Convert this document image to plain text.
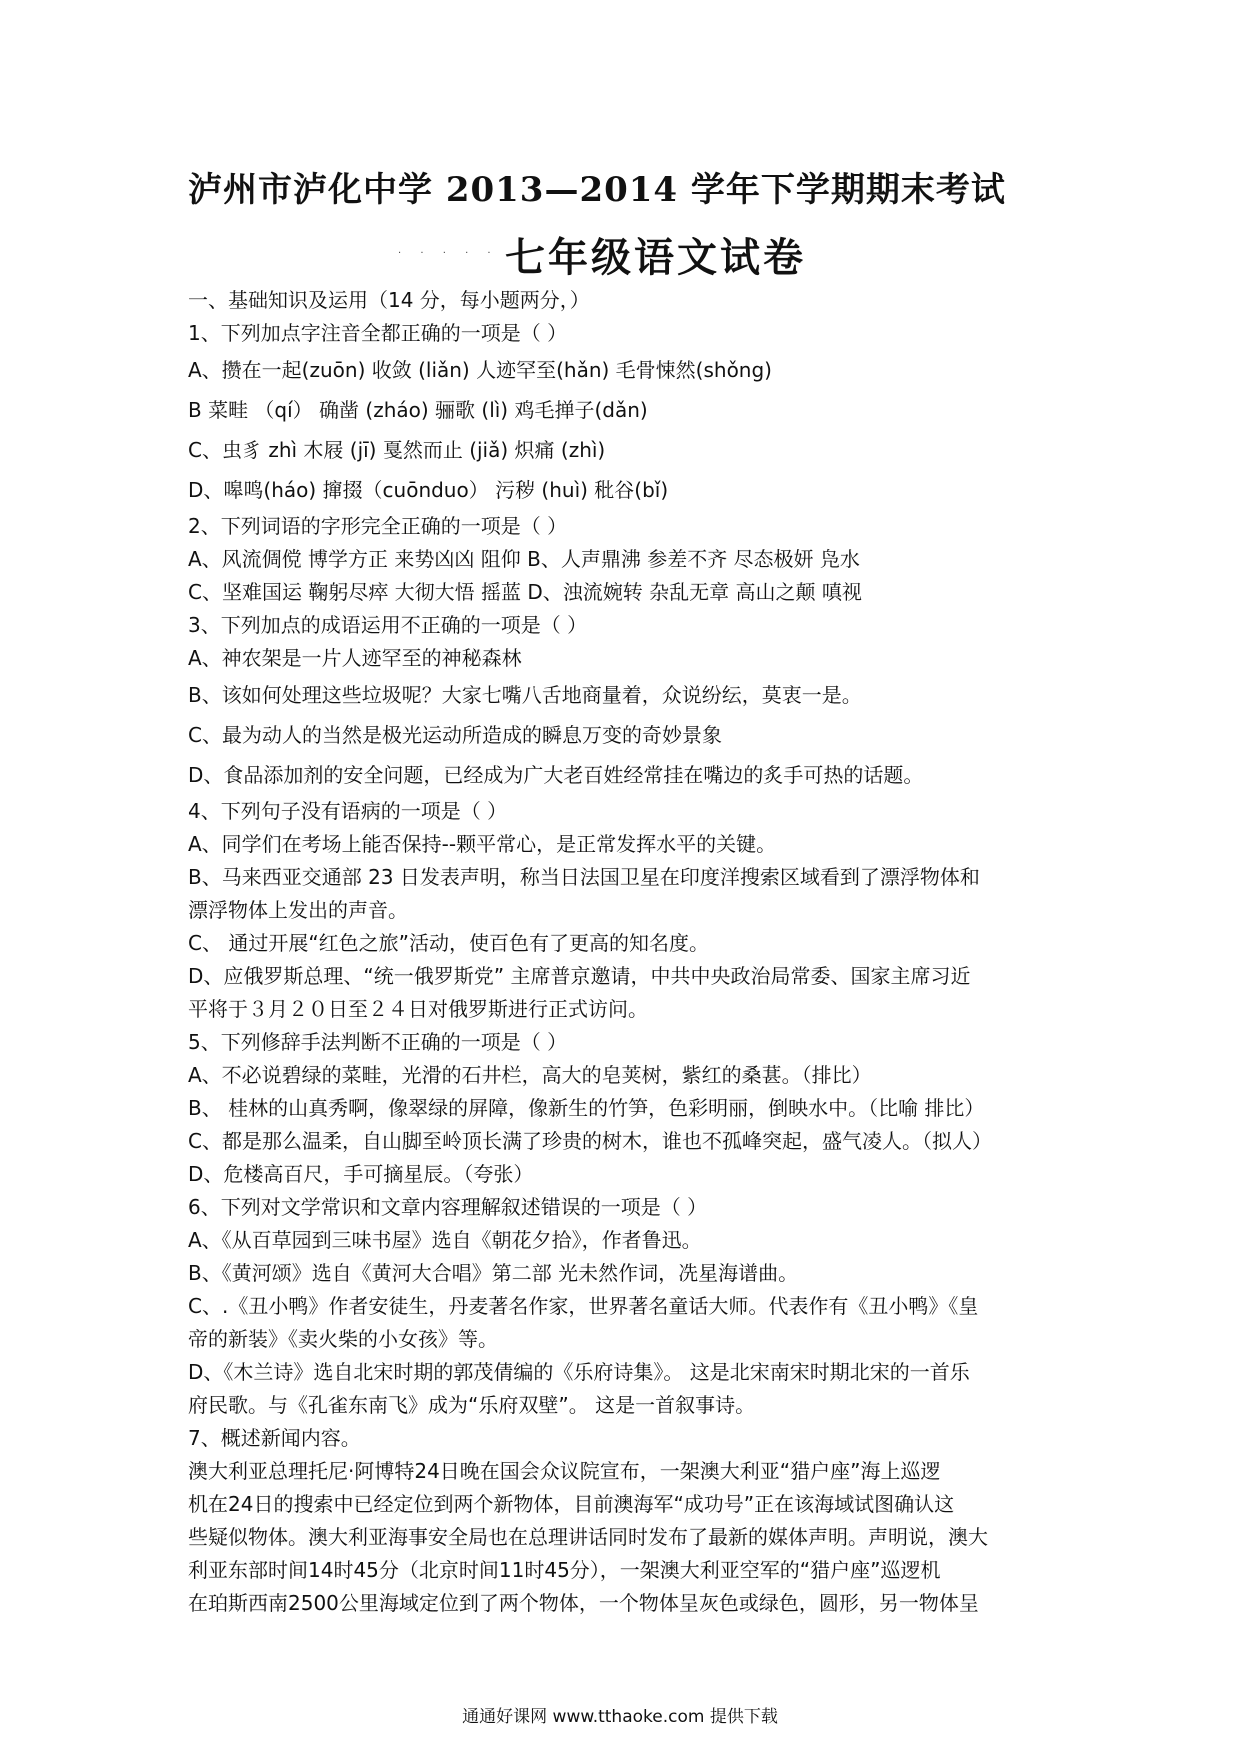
泸州市泸化中学 2013—2014 学年下学期期末考试
· · · · · 七年级语文试卷
一、基础知识及运用（14 分，每小题两分，）
1、下列加点字注音全都正确的一项是（ ）
A、攒在一起(zuōn) 收敛 (liǎn) 人迹罕至(hǎn) 毛骨悚然(shǒng)
B 菜畦 （qí） 确凿 (zháo) 骊歌 (lì) 鸡毛掸子(dǎn)
C、虫豸 zhì 木屐 (jī) 戛然而止 (jiǎ) 炽痛 (zhì)
D、嗥鸣(háo) 撺掇（cuōnduo） 污秽 (huì) 秕谷(bǐ)
2、下列词语的字形完全正确的一项是（ ）
A、风流倜傥 博学方正 来势凶凶 阻仰 B、人声鼎沸 参差不齐 尽态极妍 凫水
C、坚难国运 鞠躬尽瘁 大彻大悟 摇蓝 D、浊流婉转 杂乱无章 高山之颠 嗔视
3、下列加点的成语运用不正确的一项是（ ）
A、神农架是一片人迹罕至的神秘森林
B、该如何处理这些垃圾呢？大家七嘴八舌地商量着，众说纷纭，莫衷一是。
C、最为动人的当然是极光运动所造成的瞬息万变的奇妙景象
D、食品添加剂的安全问题，已经成为广大老百姓经常挂在嘴边的炙手可热的话题。
4、下列句子没有语病的一项是（ ）
A、同学们在考场上能否保持--颗平常心，是正常发挥水平的关键。
B、马来西亚交通部 23 日发表声明，称当日法国卫星在印度洋搜索区域看到了漂浮物体和
漂浮物体上发出的声音。
C、 通过开展“红色之旅”活动，使百色有了更高的知名度。
D、应俄罗斯总理、“统一俄罗斯党” 主席普京邀请，中共中央政治局常委、国家主席习近
平将于３月２０日至２４日对俄罗斯进行正式访问。
5、下列修辞手法判断不正确的一项是（ ）
A、不必说碧绿的菜畦，光滑的石井栏，高大的皂荚树，紫红的桑葚。（排比）
B、 桂林的山真秀啊，像翠绿的屏障，像新生的竹笋，色彩明丽，倒映水中。（比喻 排比）
C、都是那么温柔，自山脚至岭顶长满了珍贵的树木，谁也不孤峰突起，盛气凌人。（拟人）
D、危楼高百尺，手可摘星辰。（夸张）
6、下列对文学常识和文章内容理解叙述错误的一项是（ ）
A、《从百草园到三味书屋》选自《朝花夕拾》，作者鲁迅。
B、《黄河颂》选自《黄河大合唱》第二部 光未然作词，冼星海谱曲。
C、.《丑小鸭》作者安徒生，丹麦著名作家，世界著名童话大师。代表作有《丑小鸭》《皇
帝的新装》《卖火柴的小女孩》等。
D、《木兰诗》选自北宋时期的郭茂倩编的《乐府诗集》。 这是北宋南宋时期北宋的一首乐
府民歌。与《孔雀东南飞》成为“乐府双壁”。 这是一首叙事诗。
7、概述新闻内容。
澳大利亚总理托尼·阿博特24日晚在国会众议院宣布，一架澳大利亚“猎户座”海上巡逻
机在24日的搜索中已经定位到两个新物体，目前澳海军“成功号”正在该海域试图确认这
些疑似物体。澳大利亚海事安全局也在总理讲话同时发布了最新的媒体声明。声明说，澳大
利亚东部时间14时45分（北京时间11时45分），一架澳大利亚空军的“猎户座”巡逻机
在珀斯西南2500公里海域定位到了两个物体，一个物体呈灰色或绿色，圆形，另一物体呈
通通好课网 www.tthaoke.com 提供下载
